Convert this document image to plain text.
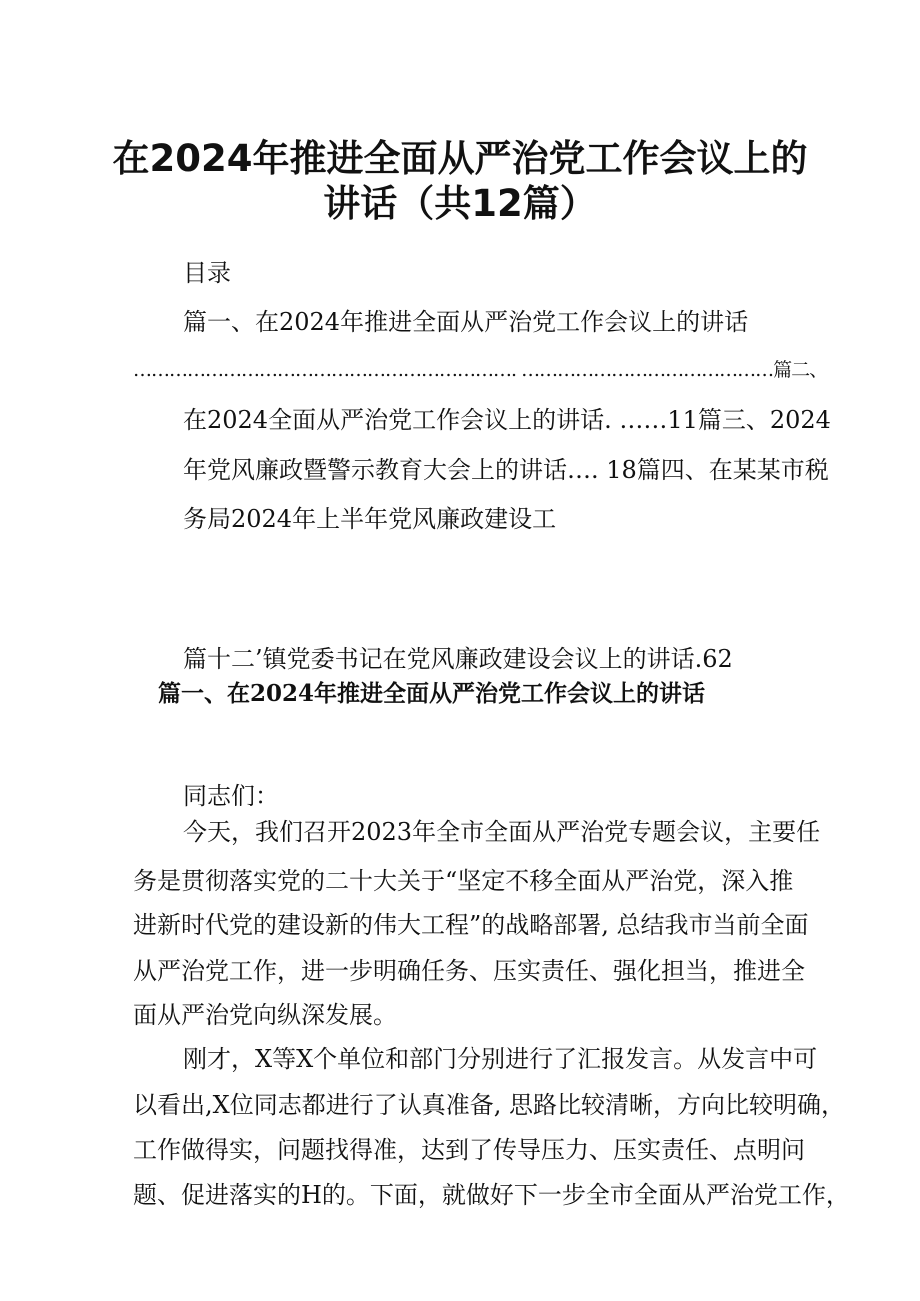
在2024年推进全面从严治党工作会议上的
讲话（共12篇）

目录

篇一、在2024年推进全面从严治党工作会议上的讲话

………………………………………………………. ……………………………………篇二、

在2024全面从严治党工作会议上的讲话. ……11篇三、2024

年党风廉政暨警示教育大会上的讲话…. 18篇四、在某某市税

务局2024年上半年党风廉政建设工

篇十二’镇党委书记在党风廉政建设会议上的讲话.62

篇一、在2024年推进全面从严治党工作会议上的讲话

同志们：

今天，我们召开2023年全市全面从严治党专题会议，主要任

务是贯彻落实党的二十大关于“坚定不移全面从严治党，深入推

进新时代党的建设新的伟大工程”的战略部署, 总结我市当前全面

从严治党工作，进一步明确任务、压实责任、强化担当，推进全

面从严治党向纵深发展。

刚才，X等X个单位和部门分别进行了汇报发言。从发言中可

以看出,X位同志都进行了认真准备, 思路比较清晰，方向比较明确，

工作做得实，问题找得准，达到了传导压力、压实责任、点明问

题、促进落实的H的。下面，就做好下一步全市全面从严治党工作，
